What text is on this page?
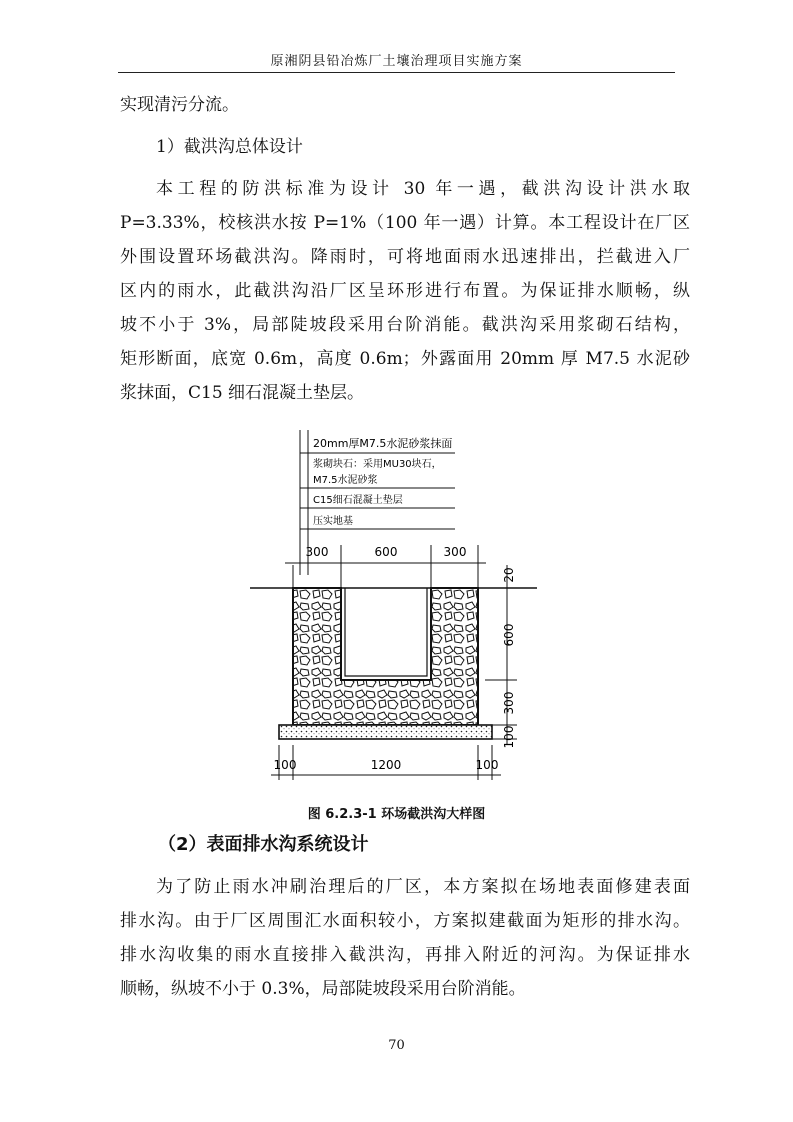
原湘阴县铅冶炼厂土壤治理项目实施方案
实现清污分流。
1）截洪沟总体设计
本工程的防洪标准为设计 30 年一遇，截洪沟设计洪水取
P=3.33%，校核洪水按 P=1%（100 年一遇）计算。本工程设计在厂区
外围设置环场截洪沟。降雨时，可将地面雨水迅速排出，拦截进入厂
区内的雨水，此截洪沟沿厂区呈环形进行布置。为保证排水顺畅，纵
坡不小于 3%，局部陡坡段采用台阶消能。截洪沟采用浆砌石结构，
矩形断面，底宽 0.6m，高度 0.6m；外露面用 20mm 厚 M7.5 水泥砂
浆抹面，C15 细石混凝土垫层。
20mm厚M7.5水泥砂浆抹面
浆砌块石：采用MU30块石，
M7.5水泥砂浆
C15细石混凝土垫层
压实地基
300	600	300
20
600
300
100
100	1200	100
图 6.2.3-1 环场截洪沟大样图
（2）表面排水沟系统设计
为了防止雨水冲刷治理后的厂区，本方案拟在场地表面修建表面
排水沟。由于厂区周围汇水面积较小，方案拟建截面为矩形的排水沟。
排水沟收集的雨水直接排入截洪沟，再排入附近的河沟。为保证排水
顺畅，纵坡不小于 0.3%，局部陡坡段采用台阶消能。
70
